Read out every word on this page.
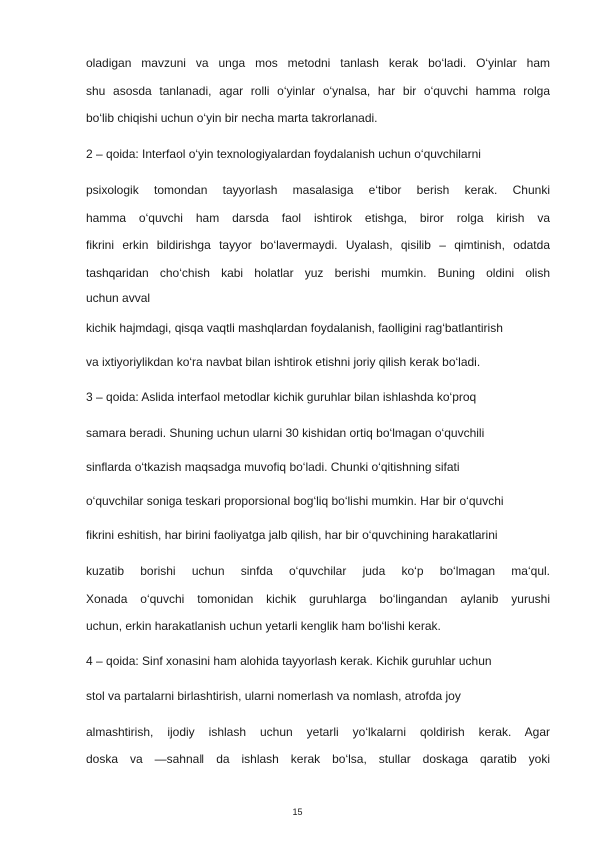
oladigan mavzuni va unga mos metodni tanlash kerak bo‘ladi. O‘yinlar ham
shu asosda tanlanadi, agar rolli o‘yinlar o‘ynalsa, har bir o‘quvchi hamma rolga
bo‘lib chiqishi uchun o‘yin bir necha marta takrorlanadi.
2 – qoida: Interfaol o‘yin texnologiyalardan foydalanish uchun o‘quvchilarni
psixologik tomondan tayyorlash masalasiga e‘tibor berish kerak. Chunki
hamma o‘quvchi ham darsda faol ishtirok etishga, biror rolga kirish va
fikrini erkin bildirishga tayyor bo‘lavermaydi. Uyalash, qisilib – qimtinish, odatda
tashqaridan cho‘chish kabi holatlar yuz berishi mumkin. Buning oldini olish
uchun avval
kichik hajmdagi, qisqa vaqtli mashqlardan foydalanish, faolligini rag‘batlantirish
va ixtiyoriylikdan ko‘ra navbat bilan ishtirok etishni joriy qilish kerak bo‘ladi.
3 – qoida: Aslida interfaol metodlar kichik guruhlar bilan ishlashda ko‘proq
samara beradi. Shuning uchun ularni 30 kishidan ortiq bo‘lmagan o‘quvchili
sinflarda o‘tkazish maqsadga muvofiq bo‘ladi. Chunki o‘qitishning sifati
o‘quvchilar soniga teskari proporsional bog‘liq bo‘lishi mumkin. Har bir o‘quvchi
fikrini eshitish, har birini faoliyatga jalb qilish, har bir o‘quvchining harakatlarini
kuzatib borishi uchun sinfda o‘quvchilar juda ko‘p bo‘lmagan ma‘qul.
Xonada o‘quvchi tomonidan kichik guruhlarga bo‘lingandan aylanib yurushi
uchun, erkin harakatlanish uchun yetarli kenglik ham bo‘lishi kerak.
4 – qoida: Sinf xonasini ham alohida tayyorlash kerak. Kichik guruhlar uchun
stol va partalarni birlashtirish, ularni nomerlash va nomlash, atrofda joy
almashtirish, ijodiy ishlash uchun yetarli yo‘lkalarni qoldirish kerak. Agar
doska va ―sahna‖ da ishlash kerak bo‘lsa, stullar doskaga qaratib yoki
15
